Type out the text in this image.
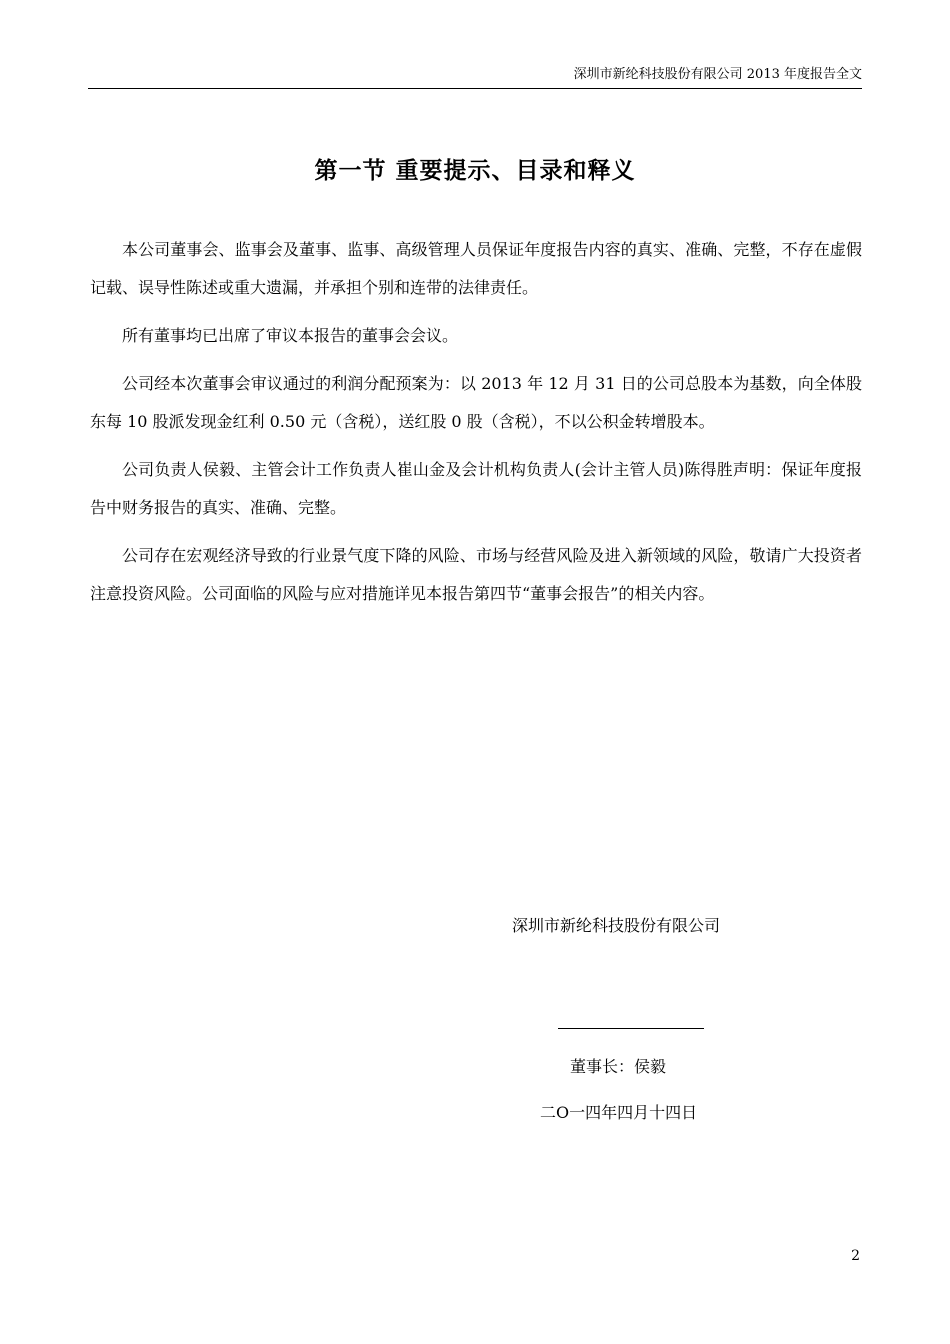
深圳市新纶科技股份有限公司 2013 年度报告全文
第一节 重要提示、目录和释义

本公司董事会、监事会及董事、监事、高级管理人员保证年度报告内容的真实、准确、完整，不存在虚假记载、误导性陈述或重大遗漏，并承担个别和连带的法律责任。

所有董事均已出席了审议本报告的董事会会议。

公司经本次董事会审议通过的利润分配预案为：以 2013 年 12 月 31 日的公司总股本为基数，向全体股东每 10 股派发现金红利 0.50 元（含税），送红股 0 股（含税），不以公积金转增股本。

公司负责人侯毅、主管会计工作负责人崔山金及会计机构负责人(会计主管人员)陈得胜声明：保证年度报告中财务报告的真实、准确、完整。

公司存在宏观经济导致的行业景气度下降的风险、市场与经营风险及进入新领域的风险，敬请广大投资者注意投资风险。公司面临的风险与应对措施详见本报告第四节“董事会报告”的相关内容。

深圳市新纶科技股份有限公司
董事长：侯毅
二O一四年四月十四日
2
